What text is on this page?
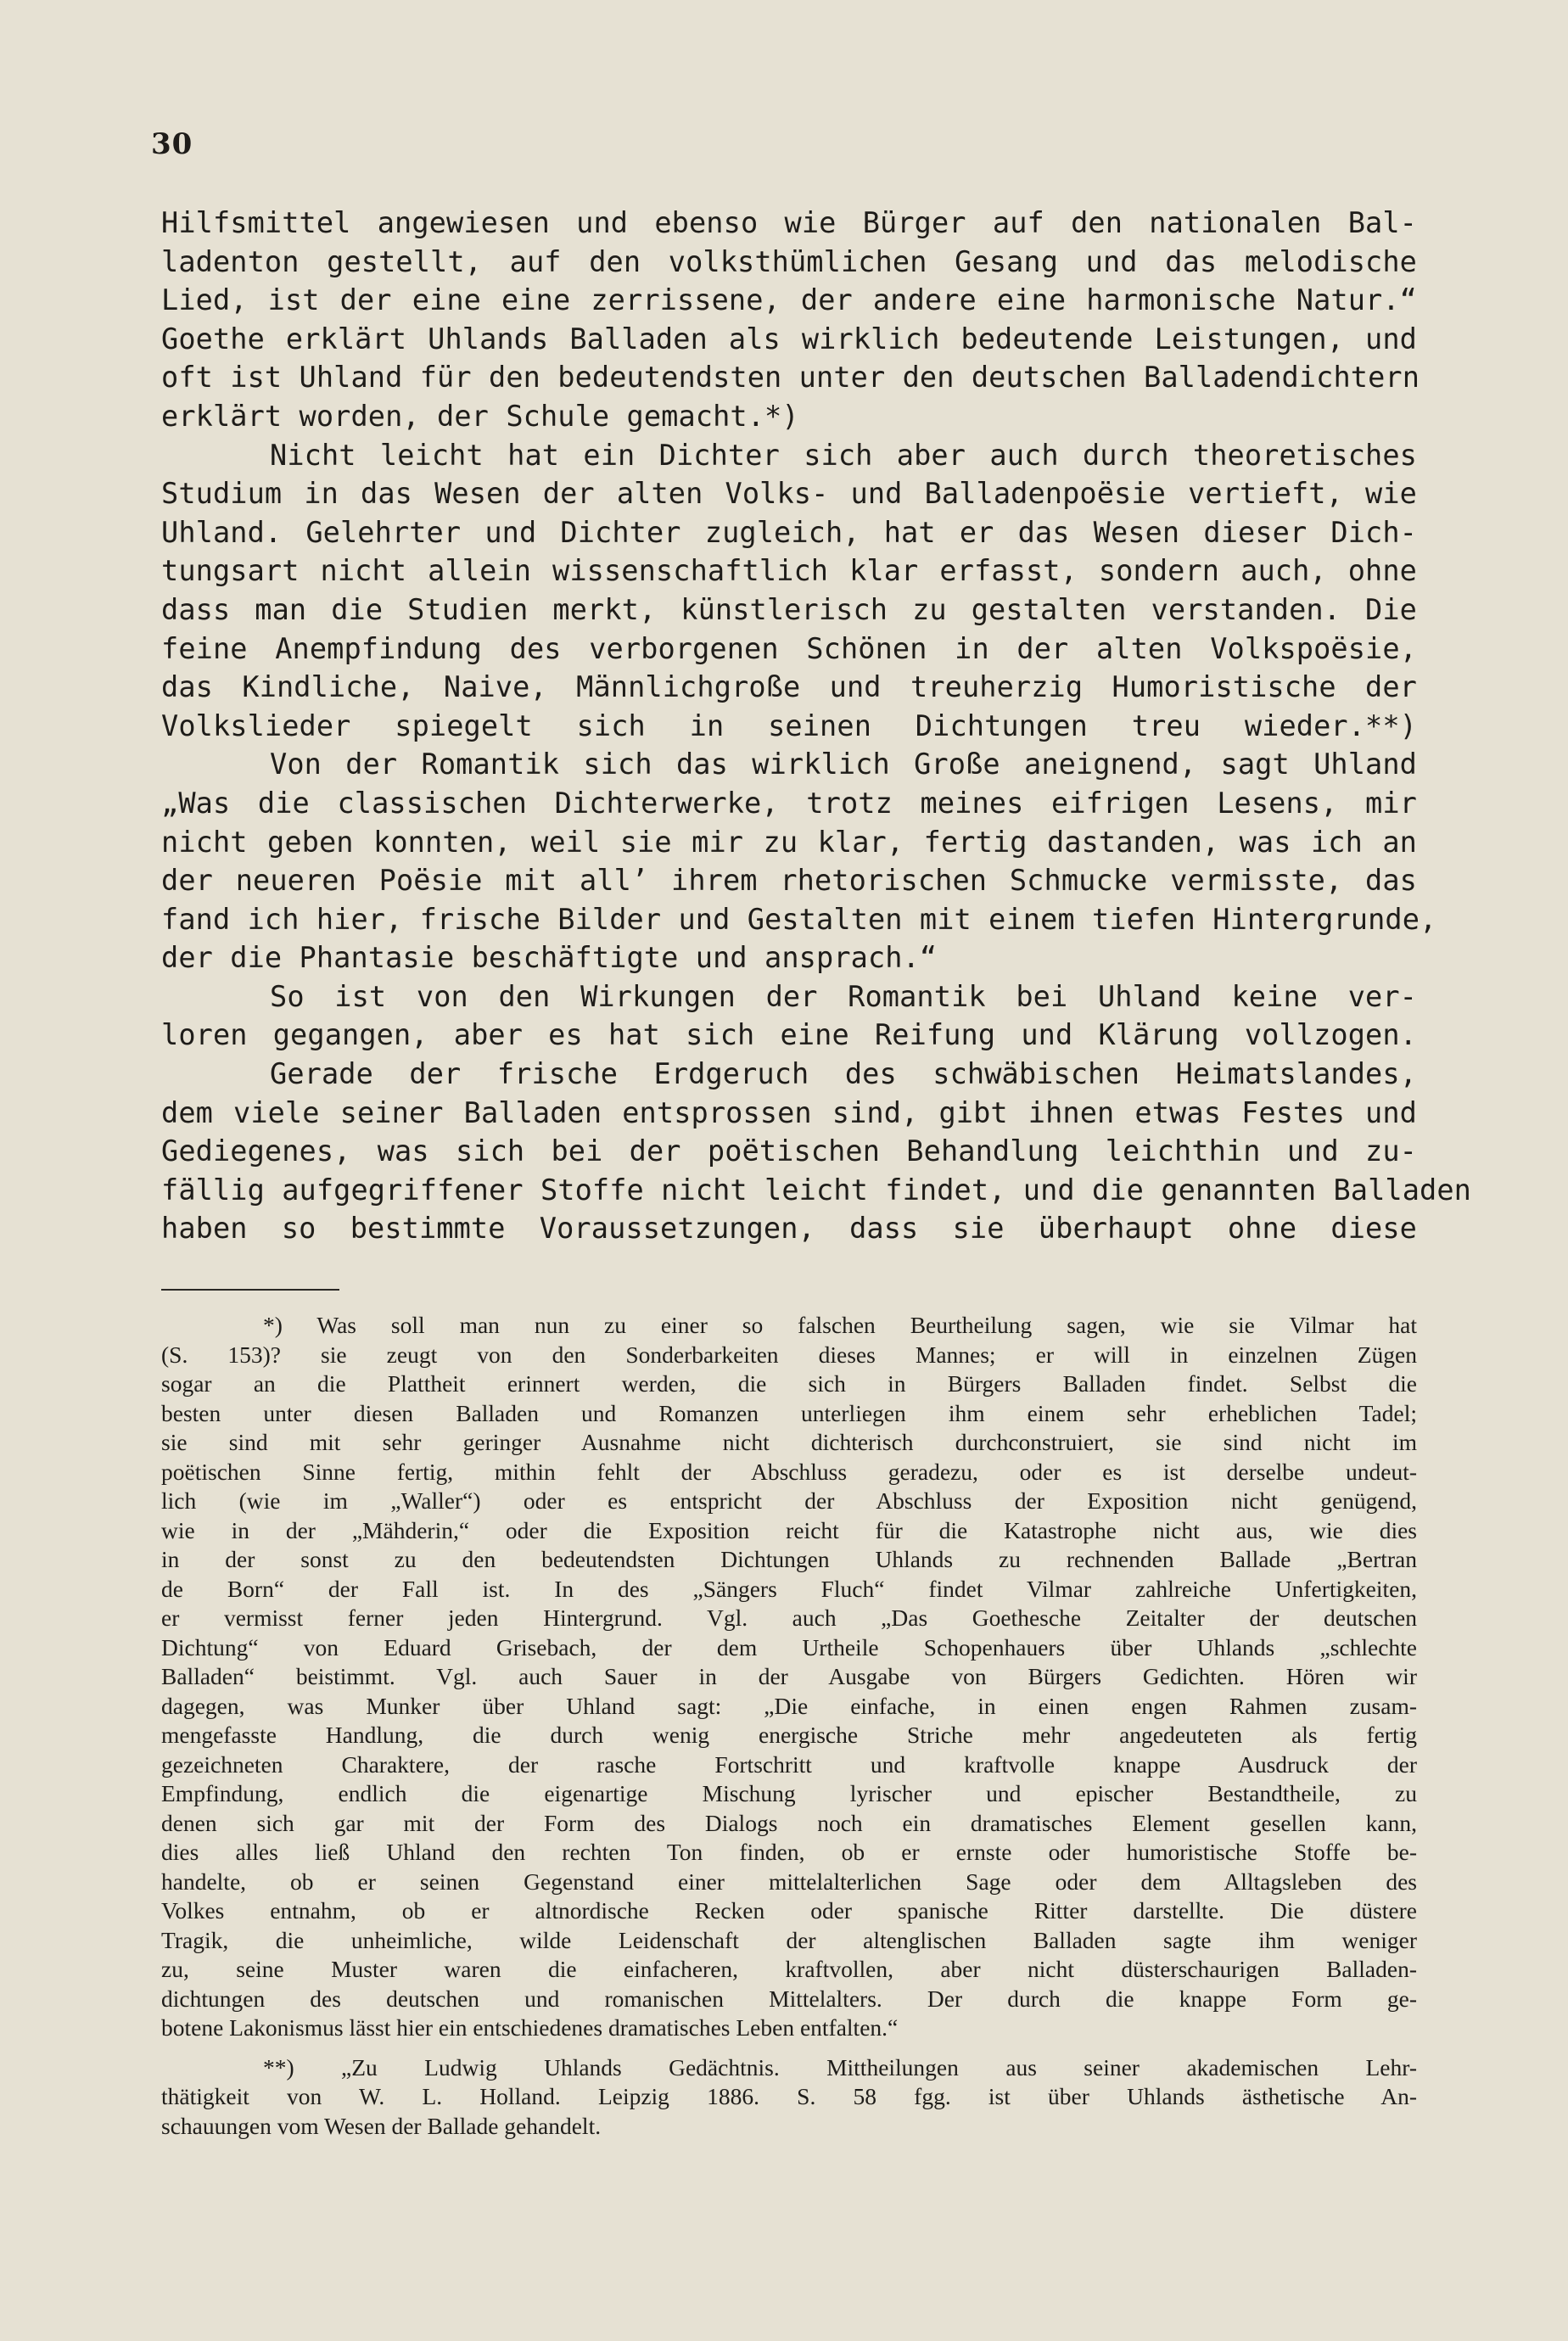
30
Hilfsmittel angewiesen und ebenso wie Bürger auf den nationalen Bal-
ladenton gestellt, auf den volksthümlichen Gesang und das melodische
Lied, ist der eine eine zerrissene, der andere eine harmonische Natur.“
Goethe erklärt Uhlands Balladen als wirklich bedeutende Leistungen, und
oft ist Uhland für den bedeutendsten unter den deutschen Balladendichtern
erklärt worden, der Schule gemacht.*)
Nicht leicht hat ein Dichter sich aber auch durch theoretisches
Studium in das Wesen der alten Volks- und Balladenpoësie vertieft, wie
Uhland. Gelehrter und Dichter zugleich, hat er das Wesen dieser Dich-
tungsart nicht allein wissenschaftlich klar erfasst, sondern auch, ohne
dass man die Studien merkt, künstlerisch zu gestalten verstanden. Die
feine Anempfindung des verborgenen Schönen in der alten Volkspoësie,
das Kindliche, Naive, Männlichgroße und treuherzig Humoristische der
Volkslieder spiegelt sich in seinen Dichtungen treu wieder.**)
Von der Romantik sich das wirklich Große aneignend, sagt Uhland
„Was die classischen Dichterwerke, trotz meines eifrigen Lesens, mir
nicht geben konnten, weil sie mir zu klar, fertig dastanden, was ich an
der neueren Poësie mit all’ ihrem rhetorischen Schmucke vermisste, das
fand ich hier, frische Bilder und Gestalten mit einem tiefen Hintergrunde,
der die Phantasie beschäftigte und ansprach.“
So ist von den Wirkungen der Romantik bei Uhland keine ver-
loren gegangen, aber es hat sich eine Reifung und Klärung vollzogen.
Gerade der frische Erdgeruch des schwäbischen Heimatslandes,
dem viele seiner Balladen entsprossen sind, gibt ihnen etwas Festes und
Gediegenes, was sich bei der poëtischen Behandlung leichthin und zu-
fällig aufgegriffener Stoffe nicht leicht findet, und die genannten Balladen
haben so bestimmte Voraussetzungen, dass sie überhaupt ohne diese
*) Was soll man nun zu einer so falschen Beurtheilung sagen, wie sie Vilmar hat
(S. 153)? sie zeugt von den Sonderbarkeiten dieses Mannes; er will in einzelnen Zügen
sogar an die Plattheit erinnert werden, die sich in Bürgers Balladen findet. Selbst die
besten unter diesen Balladen und Romanzen unterliegen ihm einem sehr erheblichen Tadel;
sie sind mit sehr geringer Ausnahme nicht dichterisch durchconstruiert, sie sind nicht im
poëtischen Sinne fertig, mithin fehlt der Abschluss geradezu, oder es ist derselbe undeut-
lich (wie im „Waller“) oder es entspricht der Abschluss der Exposition nicht genügend,
wie in der „Mähderin,“ oder die Exposition reicht für die Katastrophe nicht aus, wie dies
in der sonst zu den bedeutendsten Dichtungen Uhlands zu rechnenden Ballade „Bertran
de Born“ der Fall ist. In des „Sängers Fluch“ findet Vilmar zahlreiche Unfertigkeiten,
er vermisst ferner jeden Hintergrund. Vgl. auch „Das Goethesche Zeitalter der deutschen
Dichtung“ von Eduard Grisebach, der dem Urtheile Schopenhauers über Uhlands „schlechte
Balladen“ beistimmt. Vgl. auch Sauer in der Ausgabe von Bürgers Gedichten. Hören wir
dagegen, was Munker über Uhland sagt: „Die einfache, in einen engen Rahmen zusam-
mengefasste Handlung, die durch wenig energische Striche mehr angedeuteten als fertig
gezeichneten Charaktere, der rasche Fortschritt und kraftvolle knappe Ausdruck der
Empfindung, endlich die eigenartige Mischung lyrischer und epischer Bestandtheile, zu
denen sich gar mit der Form des Dialogs noch ein dramatisches Element gesellen kann,
dies alles ließ Uhland den rechten Ton finden, ob er ernste oder humoristische Stoffe be-
handelte, ob er seinen Gegenstand einer mittelalterlichen Sage oder dem Alltagsleben des
Volkes entnahm, ob er altnordische Recken oder spanische Ritter darstellte. Die düstere
Tragik, die unheimliche, wilde Leidenschaft der altenglischen Balladen sagte ihm weniger
zu, seine Muster waren die einfacheren, kraftvollen, aber nicht düsterschaurigen Balladen-
dichtungen des deutschen und romanischen Mittelalters. Der durch die knappe Form ge-
botene Lakonismus lässt hier ein entschiedenes dramatisches Leben entfalten.“
**) „Zu Ludwig Uhlands Gedächtnis. Mittheilungen aus seiner akademischen Lehr-
thätigkeit von W. L. Holland. Leipzig 1886. S. 58 fgg. ist über Uhlands ästhetische An-
schauungen vom Wesen der Ballade gehandelt.
